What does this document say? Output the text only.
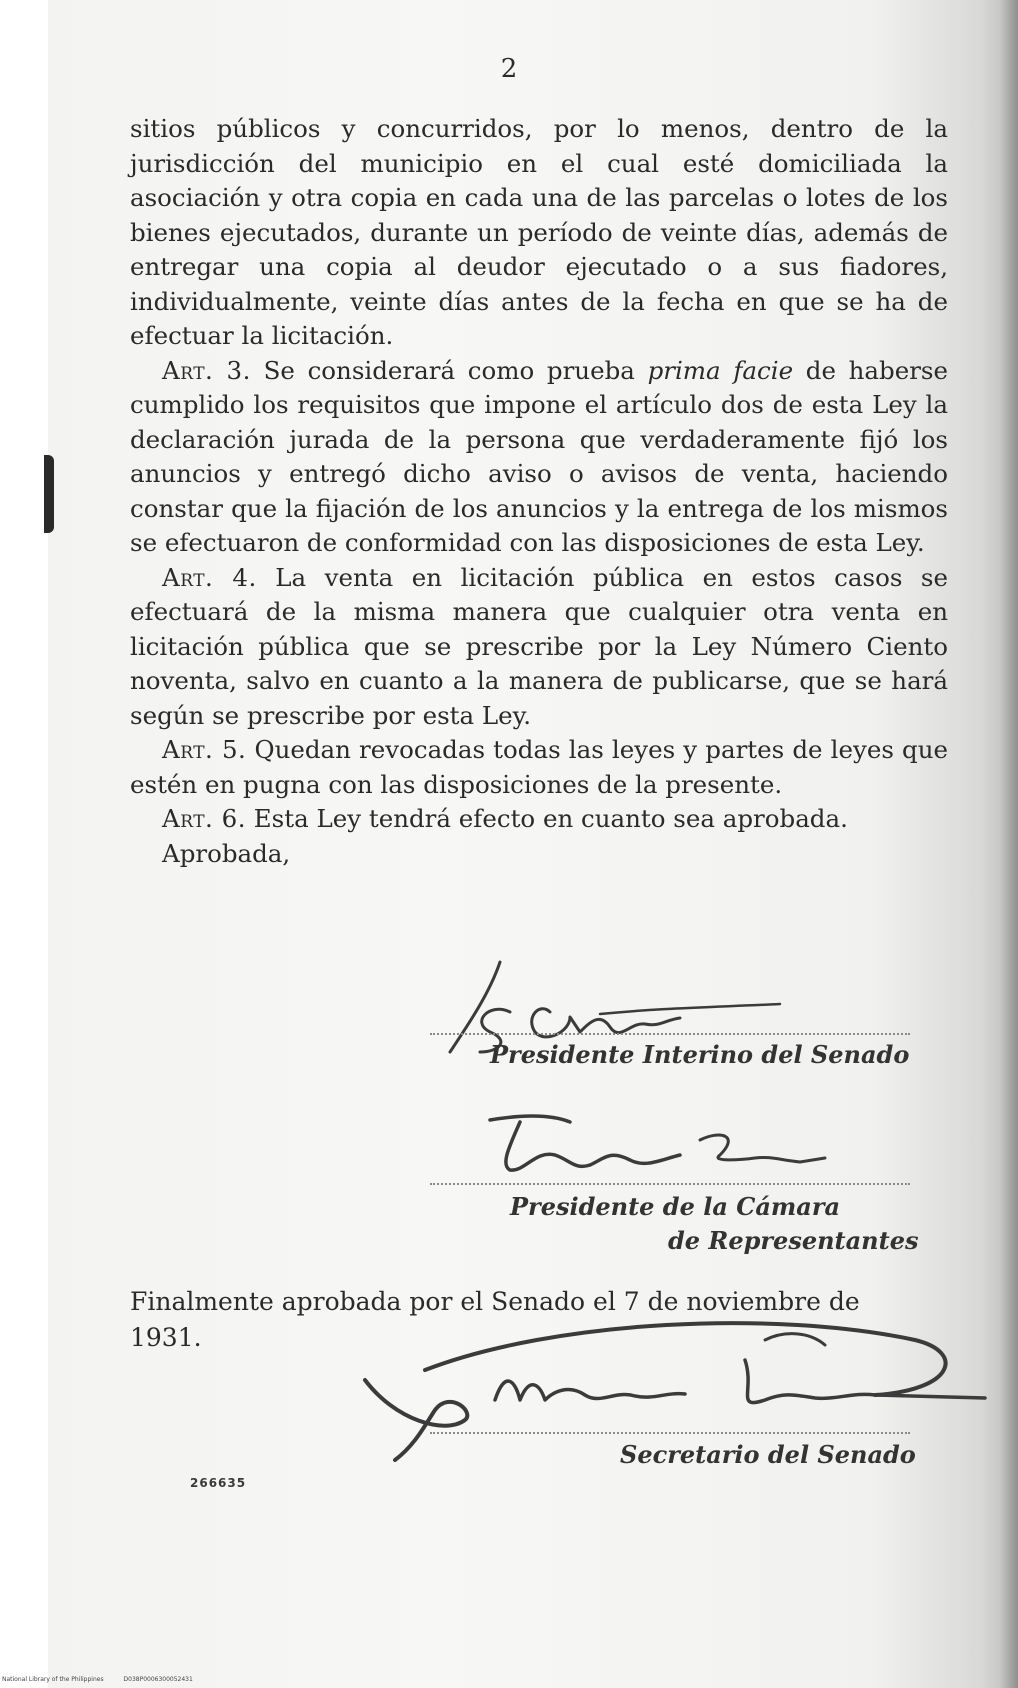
2

sitios públicos y concurridos, por lo menos, dentro de la jurisdicción del municipio en el cual esté domiciliada la asociación y otra copia en cada una de las parcelas o lotes de los bienes ejecutados, durante un período de veinte días, además de entregar una copia al deudor ejecutado o a sus fiadores, individualmente, veinte días antes de la fecha en que se ha de efectuar la licitación.

Art. 3. Se considerará como prueba prima facie de haberse cumplido los requisitos que impone el artículo dos de esta Ley la declaración jurada de la persona que verdaderamente fijó los anuncios y entregó dicho aviso o avisos de venta, haciendo constar que la fijación de los anuncios y la entrega de los mismos se efectuaron de conformidad con las disposiciones de esta Ley.

Art. 4. La venta en licitación pública en estos casos se efectuará de la misma manera que cualquier otra venta en licitación pública que se prescribe por la Ley Número Ciento noventa, salvo en cuanto a la manera de publicarse, que se hará según se prescribe por esta Ley.

Art. 5. Quedan revocadas todas las leyes y partes de leyes que estén en pugna con las disposiciones de la presente.

Art. 6. Esta Ley tendrá efecto en cuanto sea aprobada.

Aprobada,

Presidente Interino del Senado
Presidente de la Cámara
de Representantes

Finalmente aprobada por el Senado el 7 de noviembre de

1931.

Secretario del Senado
266635
National Library of the Philippines	D038P0006300052431
